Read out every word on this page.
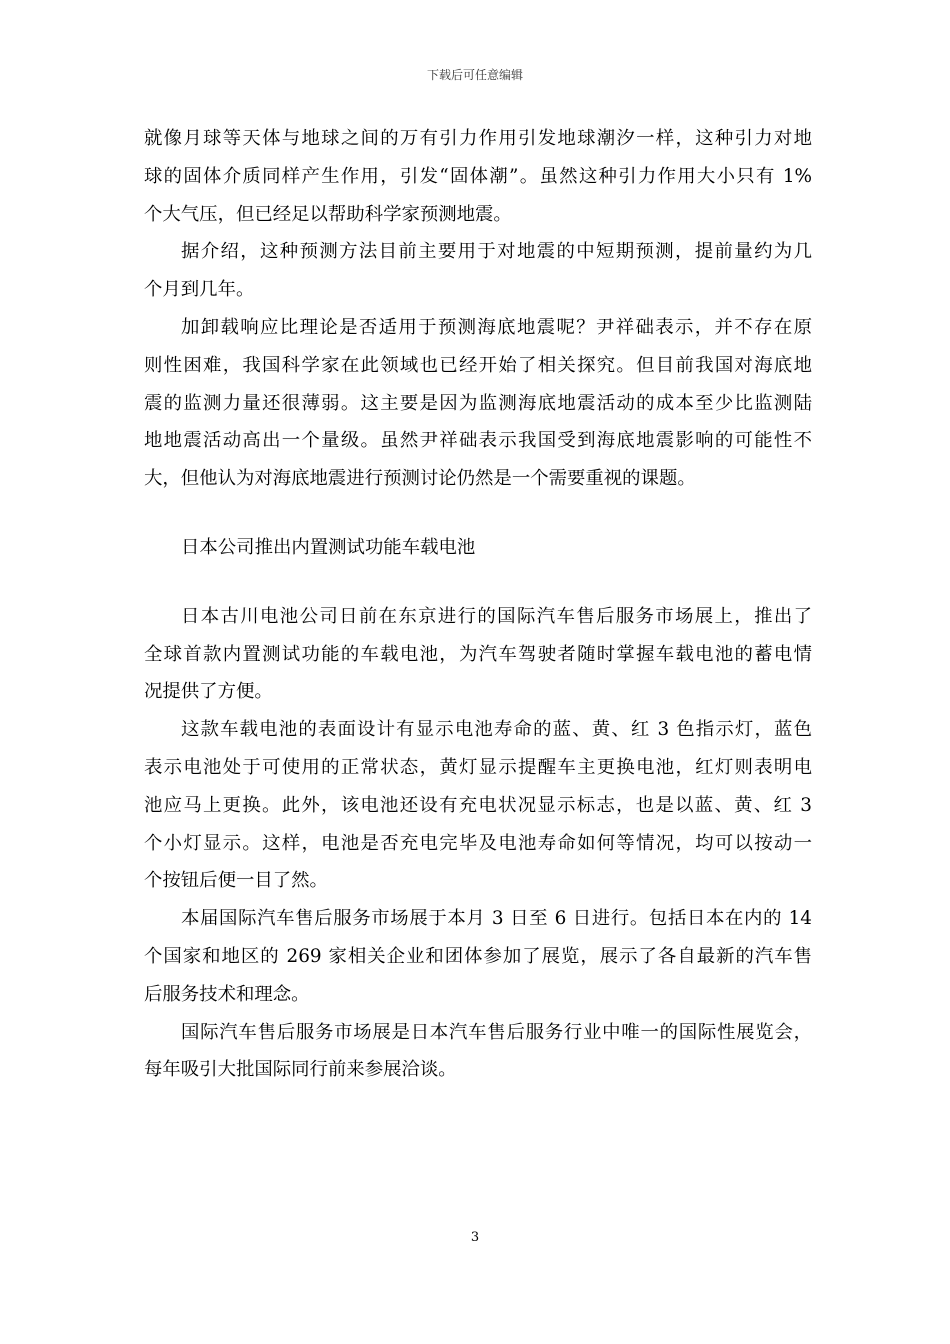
下载后可任意编辑
就像月球等天体与地球之间的万有引力作用引发地球潮汐一样，这种引力对地
球的固体介质同样产生作用，引发“固体潮”。虽然这种引力作用大小只有 1%
个大气压，但已经足以帮助科学家预测地震。
据介绍，这种预测方法目前主要用于对地震的中短期预测，提前量约为几
个月到几年。
加卸载响应比理论是否适用于预测海底地震呢？尹祥础表示，并不存在原
则性困难，我国科学家在此领域也已经开始了相关探究。但目前我国对海底地
震的监测力量还很薄弱。这主要是因为监测海底地震活动的成本至少比监测陆
地地震活动高出一个量级。虽然尹祥础表示我国受到海底地震影响的可能性不
大，但他认为对海底地震进行预测讨论仍然是一个需要重视的课题。
日本公司推出内置测试功能车载电池
日本古川电池公司日前在东京进行的国际汽车售后服务市场展上，推出了
全球首款内置测试功能的车载电池，为汽车驾驶者随时掌握车载电池的蓄电情
况提供了方便。
这款车载电池的表面设计有显示电池寿命的蓝、黄、红 3 色指示灯，蓝色
表示电池处于可使用的正常状态，黄灯显示提醒车主更换电池，红灯则表明电
池应马上更换。此外，该电池还设有充电状况显示标志，也是以蓝、黄、红 3
个小灯显示。这样，电池是否充电完毕及电池寿命如何等情况，均可以按动一
个按钮后便一目了然。
本届国际汽车售后服务市场展于本月 3 日至 6 日进行。包括日本在内的 14
个国家和地区的 269 家相关企业和团体参加了展览，展示了各自最新的汽车售
后服务技术和理念。
国际汽车售后服务市场展是日本汽车售后服务行业中唯一的国际性展览会，
每年吸引大批国际同行前来参展洽谈。
3
